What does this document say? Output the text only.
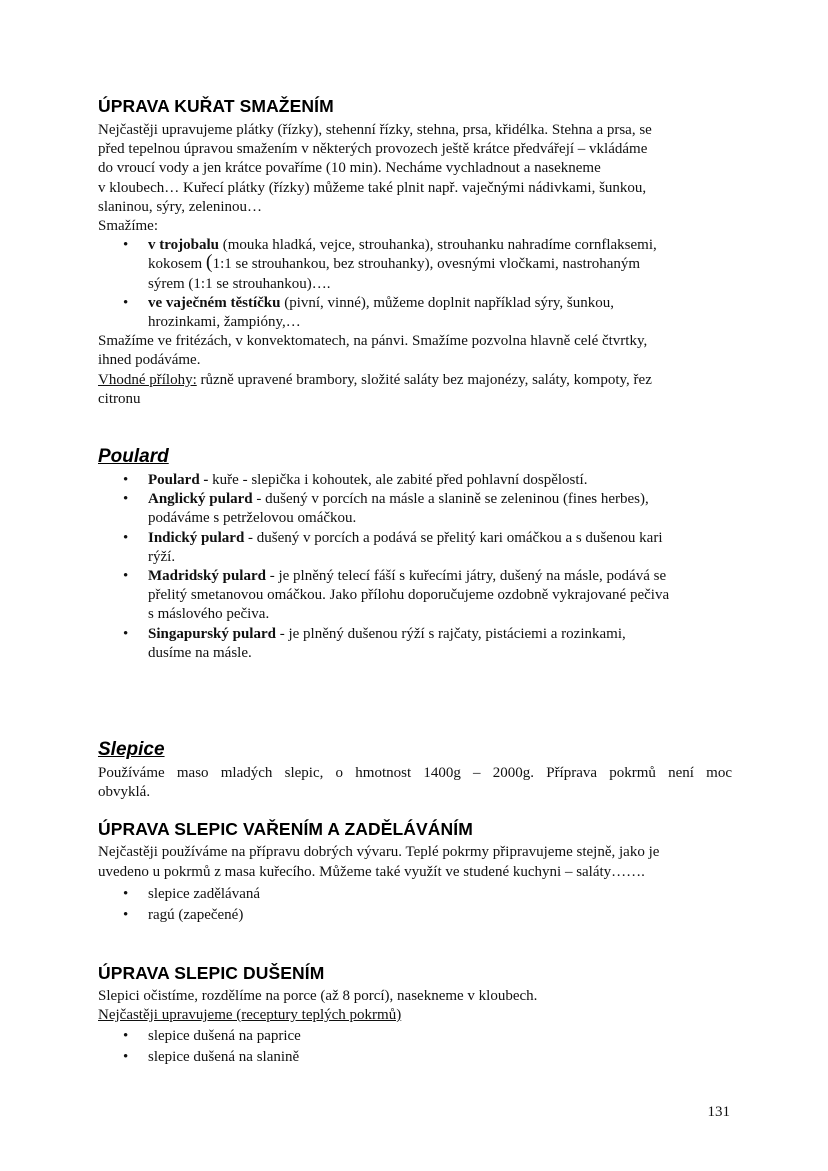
ÚPRAVA KUŘAT SMAŽENÍM

Nejčastěji upravujeme plátky (řízky), stehenní řízky, stehna, prsa, křidélka. Stehna a prsa, se

před tepelnou úpravou smažením v některých provozech ještě krátce předvářejí – vkládáme

do vroucí vody a jen krátce povaříme (10 min). Necháme vychladnout a nasekneme

v kloubech… Kuřecí plátky (řízky) můžeme také plnit např. vaječnými nádivkami, šunkou,

slaninou, sýry, zeleninou…

Smažíme:

• v trojobalu (mouka hladká, vejce, strouhanka), strouhanku nahradíme cornflaksemi,
kokosem (1:1 se strouhankou, bez strouhanky), ovesnými vločkami, nastrohaným
sýrem (1:1 se strouhankou)….
• ve vaječném těstíčku (pivní, vinné), můžeme doplnit například sýry, šunkou,
hrozinkami, žampióny,…

Smažíme ve fritézách, v konvektomatech, na pánvi. Smažíme pozvolna hlavně celé čtvrtky,

ihned podáváme.

Vhodné přílohy: různě upravené brambory, složité saláty bez majonézy, saláty, kompoty, řez

citronu

Poulard
• Poulard - kuře - slepička i kohoutek, ale zabité před pohlavní dospělostí.
• Anglický pulard - dušený v porcích na másle a slanině se zeleninou (fines herbes),
podáváme s petrželovou omáčkou.
• Indický pulard - dušený v porcích a podává se přelitý kari omáčkou a s dušenou kari
rýží.
• Madridský pulard - je plněný telecí fáší s kuřecími játry, dušený na másle, podává se
přelitý smetanovou omáčkou. Jako přílohu doporučujeme ozdobně vykrajované pečiva
s máslového pečiva.
• Singapurský pulard - je plněný dušenou rýží s rajčaty, pistáciemi a rozinkami,
dusíme na másle.
Slepice

Používáme maso mladých slepic, o hmotnost 1400g – 2000g. Příprava pokrmů není moc

obvyklá.

ÚPRAVA SLEPIC VAŘENÍM A ZADĚLÁVÁNÍM

Nejčastěji používáme na přípravu dobrých vývaru. Teplé pokrmy připravujeme stejně, jako je

uvedeno u pokrmů z masa kuřecího. Můžeme také využít ve studené kuchyni – saláty…….

• slepice zadělávaná
• ragú (zapečené)
ÚPRAVA SLEPIC DUŠENÍM

Slepici očistíme, rozdělíme na porce (až 8 porcí), nasekneme v kloubech.

Nejčastěji upravujeme (receptury teplých pokrmů)

• slepice dušená na paprice
• slepice dušená na slanině
131
